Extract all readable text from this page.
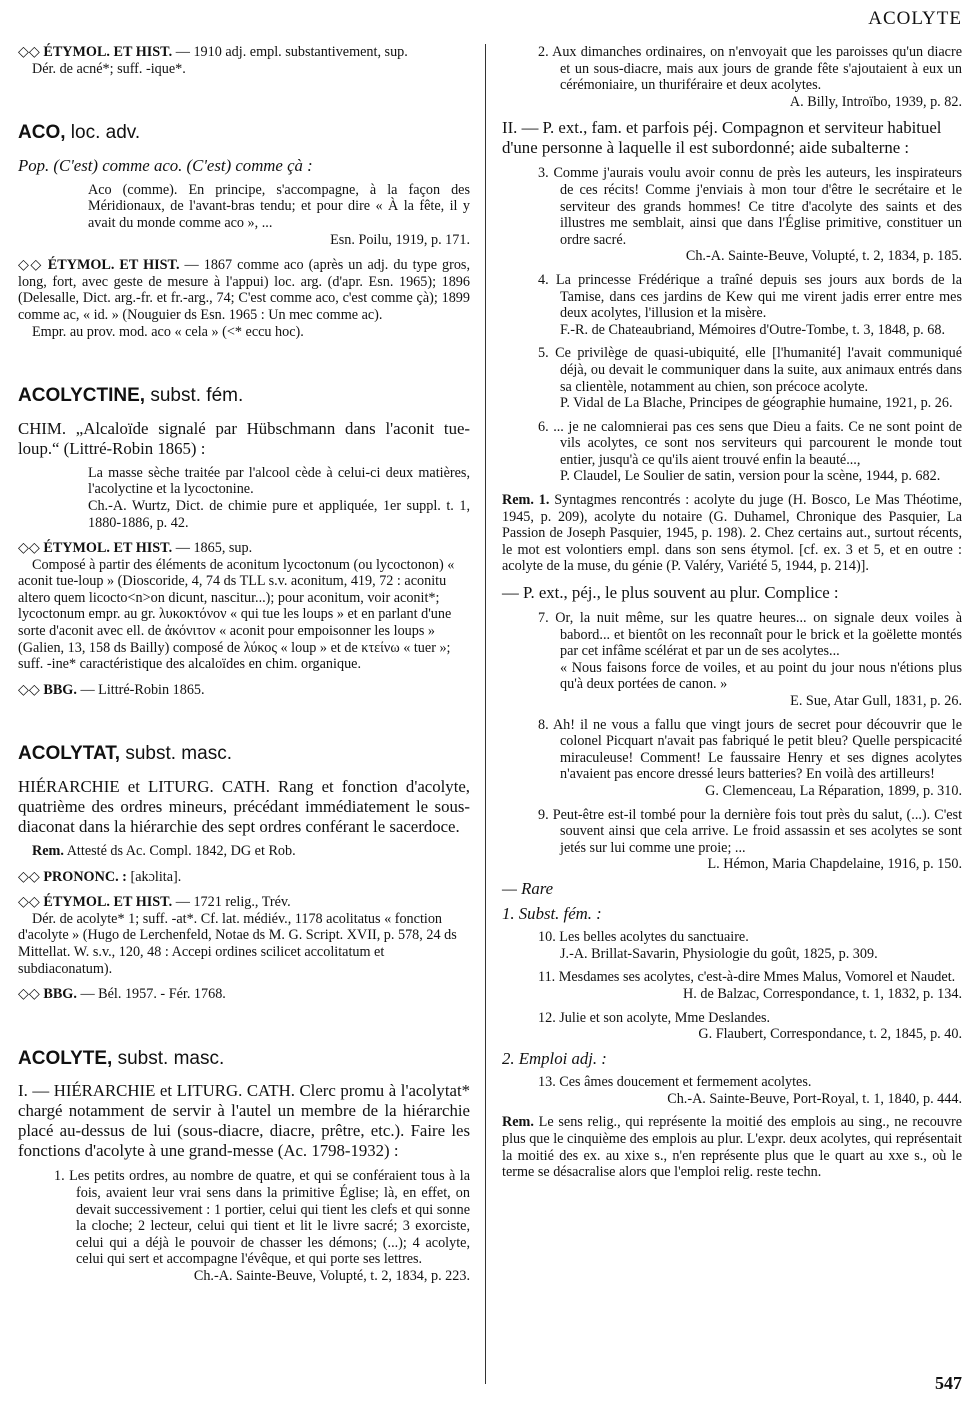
ACOLYTE

◇◇ ÉTYMOL. ET HIST. — 1910 adj. empl. substantivement, sup.

Dér. de acné*; suff. -ique*.

ACO, loc. adv.

Pop. (C'est) comme aco. (C'est) comme çà :

Aco (comme). En principe, s'accompagne, à la façon des Méridionaux, de l'avant-bras tendu; et pour dire « À la fête, il y avait du monde comme aco », ...

Esn. Poilu, 1919, p. 171.

◇◇ ÉTYMOL. ET HIST. — 1867 comme aco (après un adj. du type gros, long, fort, avec geste de mesure à l'appui) loc. arg. (d'apr. Esn. 1965); 1896 (Delesalle, Dict. arg.-fr. et fr.-arg., 74; C'est comme aco, c'est comme çà); 1899 comme ac, « id. » (Nouguier ds Esn. 1965 : Un mec comme ac).

Empr. au prov. mod. aco « cela » (<* eccu hoc).

ACOLYCTINE, subst. fém.

CHIM. „Alcaloïde signalé par Hübschmann dans l'aconit tue-loup.“ (Littré-Robin 1865) :

La masse sèche traitée par l'alcool cède à celui-ci deux matières, l'acolyctine et la lycoctonine.

Ch.-A. Wurtz, Dict. de chimie pure et appliquée, 1er suppl. t. 1, 1880-1886, p. 42.

◇◇ ÉTYMOL. ET HIST. — 1865, sup.

Composé à partir des éléments de aconitum lycoctonum (ou lycoctonon) « aconit tue-loup » (Dioscoride, 4, 74 ds TLL s.v. aconitum, 419, 72 : aconitu altero quem licocto<n>on dicunt, nascitur...); pour aconitum, voir aconit*; lycoctonum empr. au gr. λυκοκτόνον « qui tue les loups » et en parlant d'une sorte d'aconit avec ell. de ἀκόνιτον « aconit pour empoisonner les loups » (Galien, 13, 158 ds Bailly) composé de λύκος « loup » et de κτείνω « tuer »; suff. -ine* caractéristique des alcaloïdes en chim. organique.

◇◇ BBG. — Littré-Robin 1865.

ACOLYTAT, subst. masc.

HIÉRARCHIE et LITURG. CATH. Rang et fonction d'acolyte, quatrième des ordres mineurs, précédant immédiatement le sous-diaconat dans la hiérarchie des sept ordres conférant le sacerdoce.

Rem. Attesté ds Ac. Compl. 1842, DG et Rob.

◇◇ PRONONC. : [akɔlita].

◇◇ ÉTYMOL. ET HIST. — 1721 relig., Trév.

Dér. de acolyte* 1; suff. -at*. Cf. lat. médiév., 1178 acolitatus « fonction d'acolyte » (Hugo de Lerchenfeld, Notae ds M. G. Script. XVII, p. 578, 24 ds Mittellat. W. s.v., 120, 48 : Accepi ordines scilicet accolitatum et subdiaconatum).

◇◇ BBG. — Bél. 1957. - Fér. 1768.

ACOLYTE, subst. masc.

I. — HIÉRARCHIE et LITURG. CATH. Clerc promu à l'acolytat* chargé notamment de servir à l'autel un membre de la hiérarchie placé au-dessus de lui (sous-diacre, diacre, prêtre, etc.). Faire les fonctions d'acolyte à une grand-messe (Ac. 1798-1932) :

1. Les petits ordres, au nombre de quatre, et qui se conféraient tous à la fois, avaient leur vrai sens dans la primitive Église; là, en effet, on devait successivement : 1 portier, celui qui tient les clefs et qui sonne la cloche; 2 lecteur, celui qui tient et lit le livre sacré; 3 exorciste, celui qui a déjà le pouvoir de chasser les démons; (...); 4 acolyte, celui qui sert et accompagne l'évêque, et qui porte ses lettres.

Ch.-A. Sainte-Beuve, Volupté, t. 2, 1834, p. 223.

2. Aux dimanches ordinaires, on n'envoyait que les paroisses qu'un diacre et un sous-diacre, mais aux jours de grande fête s'ajoutaient à eux un cérémoniaire, un thuriféraire et deux acolytes.

A. Billy, Introïbo, 1939, p. 82.

II. — P. ext., fam. et parfois péj. Compagnon et serviteur habituel d'une personne à laquelle il est subordonné; aide subalterne :

3. Comme j'aurais voulu avoir connu de près les auteurs, les inspirateurs de ces récits! Comme j'enviais à mon tour d'être le secrétaire et le serviteur des grands hommes! Ce titre d'acolyte des saints et des illustres me semblait, ainsi que dans l'Église primitive, constituer un ordre sacré.

Ch.-A. Sainte-Beuve, Volupté, t. 2, 1834, p. 185.

4. La princesse Frédérique a traîné depuis ses jours aux bords de la Tamise, dans ces jardins de Kew qui me virent jadis errer entre mes deux acolytes, l'illusion et la misère.

F.-R. de Chateaubriand, Mémoires d'Outre-Tombe, t. 3, 1848, p. 68.

5. Ce privilège de quasi-ubiquité, elle [l'humanité] l'avait communiqué déjà, ou devait le communiquer dans la suite, aux animaux entrés dans sa clientèle, notamment au chien, son précoce acolyte.

P. Vidal de La Blache, Principes de géographie humaine, 1921, p. 26.

6. ... je ne calomnierai pas ces sens que Dieu a faits. Ce ne sont point de vils acolytes, ce sont nos serviteurs qui parcourent le monde tout entier, jusqu'à ce qu'ils aient trouvé enfin la beauté...,

P. Claudel, Le Soulier de satin, version pour la scène, 1944, p. 682.

Rem. 1. Syntagmes rencontrés : acolyte du juge (H. Bosco, Le Mas Théotime, 1945, p. 209), acolyte du notaire (G. Duhamel, Chronique des Pasquier, La Passion de Joseph Pasquier, 1945, p. 198). 2. Chez certains aut., surtout récents, le mot est volontiers empl. dans son sens étymol. [cf. ex. 3 et 5, et en outre : acolyte de la muse, du génie (P. Valéry, Variété 5, 1944, p. 214)].

— P. ext., péj., le plus souvent au plur. Complice :

7. Or, la nuit même, sur les quatre heures... on signale deux voiles à babord... et bientôt on les reconnaît pour le brick et la goëlette montés par cet infâme scélérat et par un de ses acolytes...

« Nous faisons force de voiles, et au point du jour nous n'étions plus qu'à deux portées de canon. »

E. Sue, Atar Gull, 1831, p. 26.

8. Ah! il ne vous a fallu que vingt jours de secret pour découvrir que le colonel Picquart n'avait pas fabriqué le petit bleu? Quelle perspicacité miraculeuse! Comment! Le faussaire Henry et ses dignes acolytes n'avaient pas encore dressé leurs batteries? En voilà des artilleurs!

G. Clemenceau, La Réparation, 1899, p. 310.

9. Peut-être est-il tombé pour la dernière fois tout près du salut, (...). C'est souvent ainsi que cela arrive. Le froid assassin et ses acolytes se sont jetés sur lui comme une proie; ...

L. Hémon, Maria Chapdelaine, 1916, p. 150.

— Rare

1. Subst. fém. :

10. Les belles acolytes du sanctuaire.

J.-A. Brillat-Savarin, Physiologie du goût, 1825, p. 309.

11. Mesdames ses acolytes, c'est-à-dire Mmes Malus, Vomorel et Naudet.

H. de Balzac, Correspondance, t. 1, 1832, p. 134.

12. Julie et son acolyte, Mme Deslandes.

G. Flaubert, Correspondance, t. 2, 1845, p. 40.

2. Emploi adj. :

13. Ces âmes doucement et fermement acolytes.

Ch.-A. Sainte-Beuve, Port-Royal, t. 1, 1840, p. 444.

Rem. Le sens relig., qui représente la moitié des emplois au sing., ne recouvre plus que le cinquième des emplois au plur. L'expr. deux acolytes, qui représentait la moitié des ex. au xixe s., n'en représente plus que le quart au xxe s., où le terme se désacralise alors que l'emploi relig. reste techn.

547
